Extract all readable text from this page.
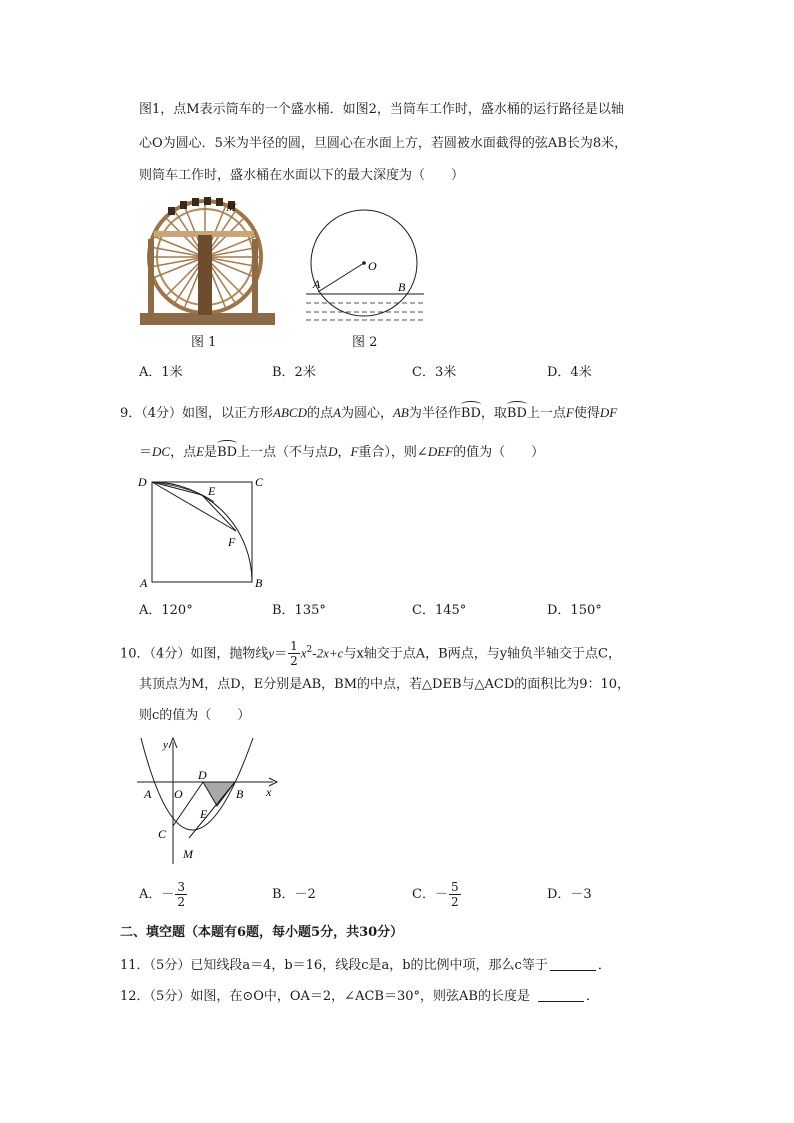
图1，点M表示筒车的一个盛水桶．如图2，当筒车工作时，盛水桶的运行路径是以轴
心O为圆心．5米为半径的圆，旦圆心在水面上方，若圆被水面截得的弦AB长为8米，
则筒车工作时，盛水桶在水面以下的最大深度为（　　）
M
图 1
O
A	B
图 2
A．1米	B．2米	C．3米	D．4米
9．（4分）如图，以正方形ABCD的点A为圆心，AB为半径作BD，取BD上一点F使得DF
＝DC，点E是BD上一点（不与点D，F重合），则∠DEF的值为（　　）
D	C
E
F
A	B
A．120°	B．135°	C．145°	D．150°
10．（4分）如图，抛物线$y= \frac{1}{2} x^2-2x+c$与x轴交于点A，B两点，与y轴负半轴交于点C，
其顶点为M，点D，E分别是AB，BM的中点，若△DEB与△ACD的面积比为9：10，
则c的值为（　　）
y
x
A O
D
B
E
C
M
A．－ $\frac{3}{2}$	B．－2	C．－ $\frac{5}{2}$	D．－3
二、填空题（本题有6题，每小题5分，共30分）
11．（5分）已知线段a＝4，b＝16，线段c是a，b的比例中项，那么c等于	．
12．（5分）如图，在⊙O中，OA＝2，∠ACB＝30°，则弦AB的长度是	．
